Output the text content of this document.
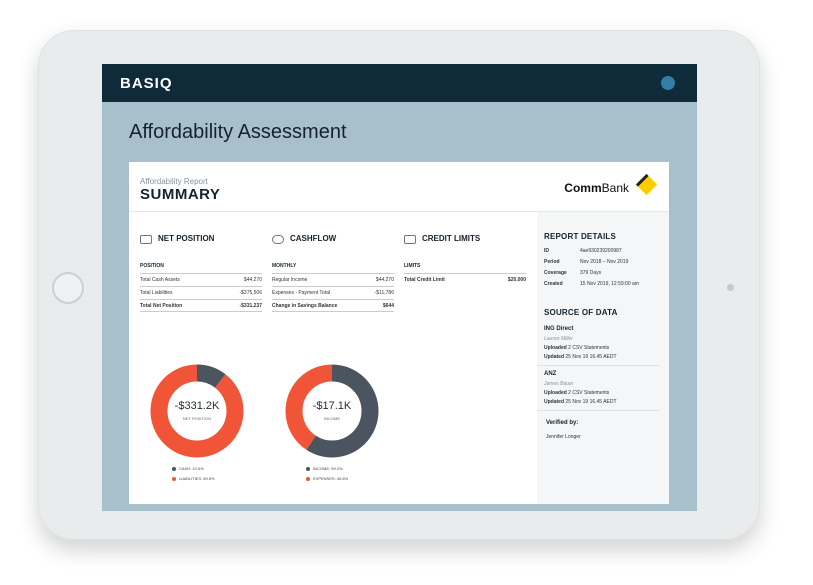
BASIQ
Affordability Assessment
Affordability Report
SUMMARY	CommBank
NET POSITION
POSITION
Total Cash Assets	$44,270
Total Liabilities	-$375,506
Total Net Position	-$331,237
CASHFLOW
MONTHLY
Regular Income	$44,270
Expenses - Payment Total	-$11,786
Change in Savings Balance	$644
CREDIT LIMITS
LIMITS
Total Credit Limit	$20,000
-$331.2K
NET POSITION
CASH: 10.5%
LIABILITIES: 89.5%
-$17.1K
INCOME
INCOME: 59.2%
EXPENSES: 40.8%
REPORT DETAILS
ID	4ae930239200987
Period	Nov 2018 – Nov 2019
Coverage	379 Days
Created	15 Nov 2019, 12:59:00 am
SOURCE OF DATA
ING Direct
Lauren Miller
Uploaded 2 CSV Statements
Updated 25 Nov 19 16.45 AEDT
ANZ
James Bauer
Uploaded 2 CSV Statements
Updated 25 Nov 19 16.45 AEDT
Verified by:
Jennifer Longer
